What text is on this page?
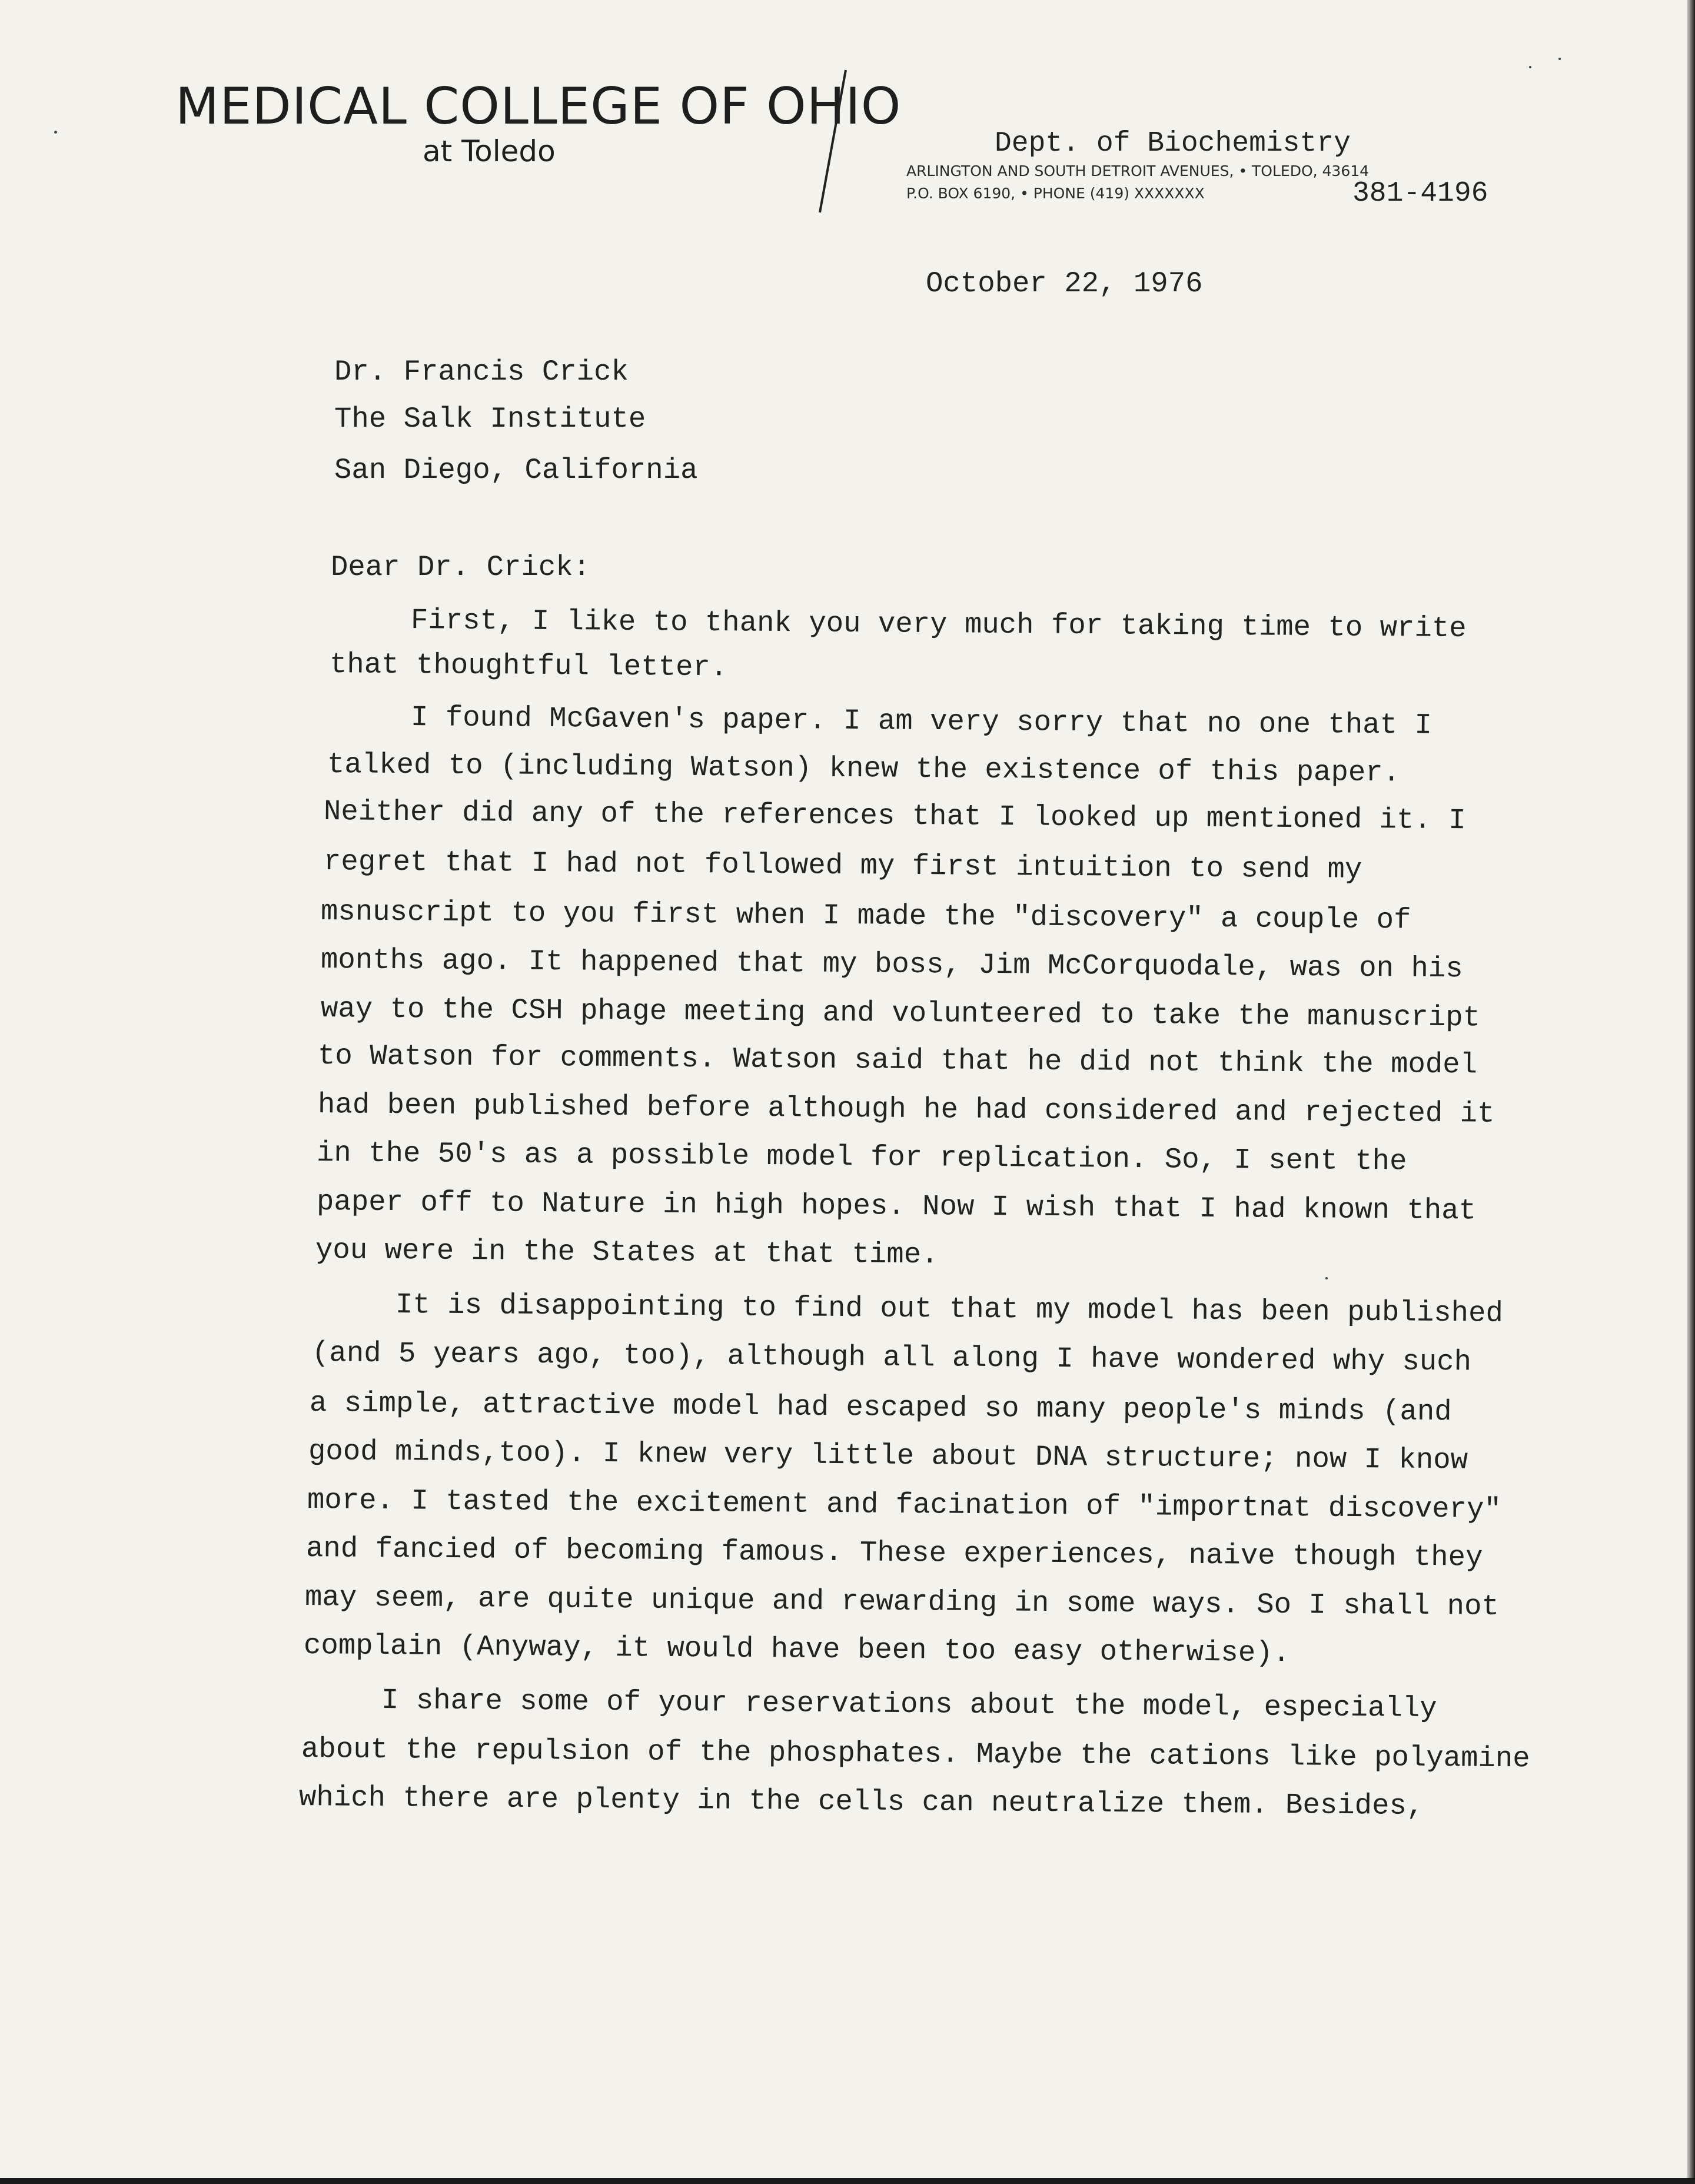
MEDICAL COLLEGE OF OHIO
at Toledo	Dept. of Biochemistry
ARLINGTON AND SOUTH DETROIT AVENUES, • TOLEDO, 43614
P.O. BOX 6190, • PHONE (419) XXXXXXX	381-4196
October 22, 1976
Dr. Francis Crick
The Salk Institute
San Diego, California
Dear Dr. Crick:
First, I like to thank you very much for taking time to write
that thoughtful letter.
I found McGaven's paper. I am very sorry that no one that I
talked to (including Watson) knew the existence of this paper.
Neither did any of the references that I looked up mentioned it. I
regret that I had not followed my first intuition to send my
msnuscript to you first when I made the "discovery" a couple of
months ago. It happened that my boss, Jim McCorquodale, was on his
way to the CSH phage meeting and volunteered to take the manuscript
to Watson for comments. Watson said that he did not think the model
had been published before although he had considered and rejected it
in the 50's as a possible model for replication. So, I sent the
paper off to Nature in high hopes. Now I wish that I had known that
you were in the States at that time.
It is disappointing to find out that my model has been published
(and 5 years ago, too), although all along I have wondered why such
a simple, attractive model had escaped so many people's minds (and
good minds,too). I knew very little about DNA structure; now I know
more. I tasted the excitement and facination of "importnat discovery"
and fancied of becoming famous. These experiences, naive though they
may seem, are quite unique and rewarding in some ways. So I shall not
complain (Anyway, it would have been too easy otherwise).
I share some of your reservations about the model, especially
about the repulsion of the phosphates. Maybe the cations like polyamine
which there are plenty in the cells can neutralize them. Besides,
